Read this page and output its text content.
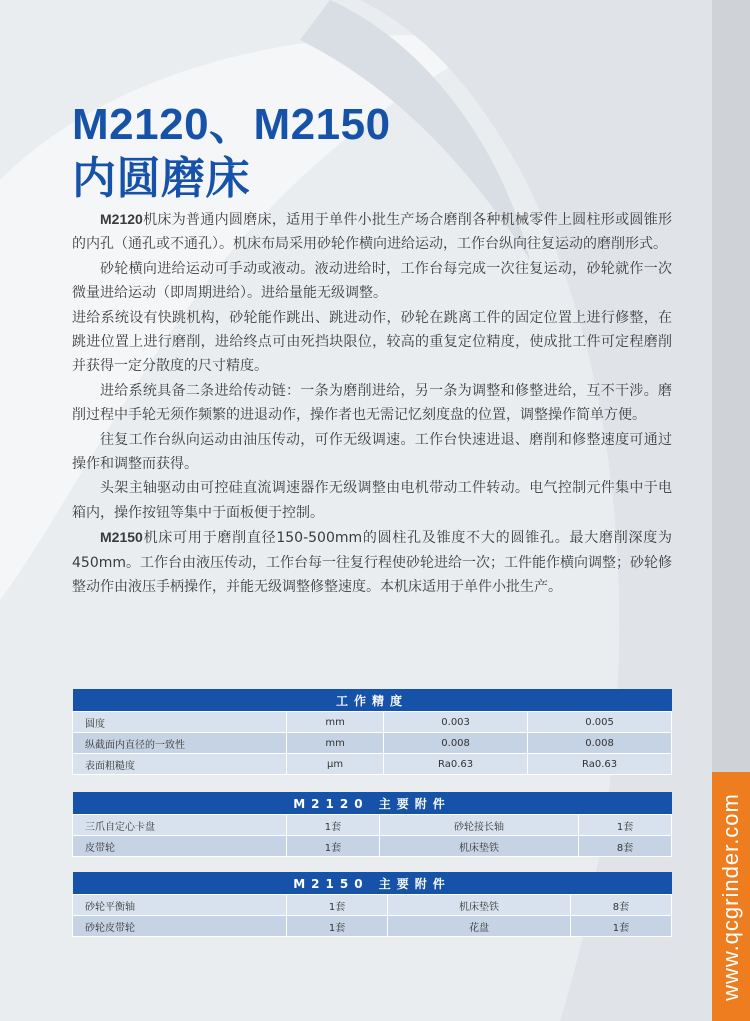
www.qcgrinder.com
M2120、M2150
内圆磨床

M2120机床为普通内圆磨床，适用于单件小批生产场合磨削各种机械零件上圆柱形或圆锥形的内孔（通孔或不通孔）。机床布局采用砂轮作横向进给运动，工作台纵向往复运动的磨削形式。

砂轮横向进给运动可手动或液动。液动进给时，工作台每完成一次往复运动，砂轮就作一次微量进给运动（即周期进给）。进给量能无级调整。

进给系统设有快跳机构，砂轮能作跳出、跳进动作，砂轮在跳离工件的固定位置上进行修整，在跳进位置上进行磨削，进给终点可由死挡块限位，较高的重复定位精度，使成批工件可定程磨削并获得一定分散度的尺寸精度。

进给系统具备二条进给传动链：一条为磨削进给，另一条为调整和修整进给，互不干涉。磨削过程中手轮无须作频繁的进退动作，操作者也无需记忆刻度盘的位置，调整操作简单方便。

往复工作台纵向运动由油压传动，可作无级调速。工作台快速进退、磨削和修整速度可通过操作和调整而获得。

头架主轴驱动由可控硅直流调速器作无级调整由电机带动工件转动。电气控制元件集中于电箱内，操作按钮等集中于面板便于控制。

M2150机床可用于磨削直径150-500mm的圆柱孔及锥度不大的圆锥孔。最大磨削深度为450mm。工作台由液压传动，工作台每一往复行程使砂轮进给一次；工件能作横向调整；砂轮修整动作由液压手柄操作，并能无级调整修整速度。本机床适用于单件小批生产。

工作精度			
圆度	mm	0.003	0.005
纵截面内直径的一致性	mm	0.008	0.008
表面粗糙度	μm	Ra0.63	Ra0.63
M2120 主要附件			
三爪自定心卡盘	1套	砂轮接长轴	1套
皮带轮	1套	机床垫铁	8套
M2150 主要附件			
砂轮平衡轴	1套	机床垫铁	8套
砂轮皮带轮	1套	花盘	1套
